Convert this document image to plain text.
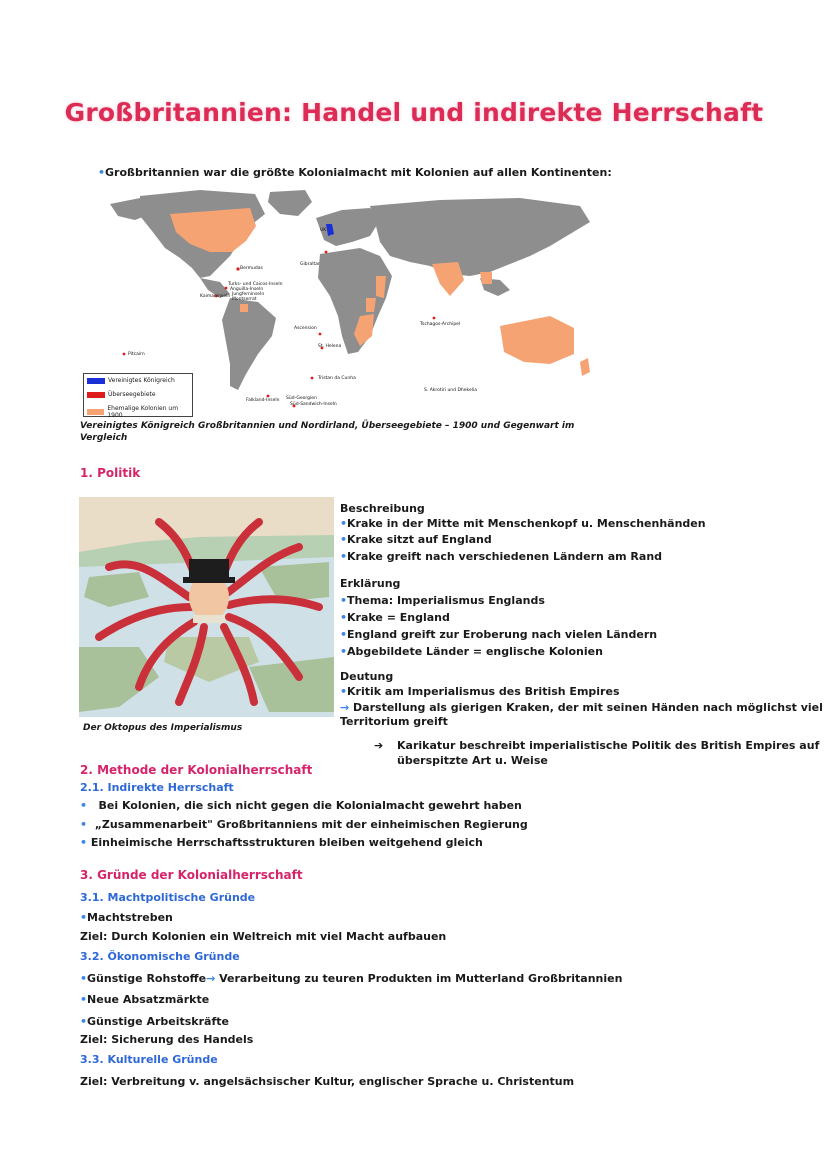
Großbritannien: Handel und indirekte Herrschaft
•Großbritannien war die größte Kolonialmacht mit Kolonien auf allen Kontinenten:
UK
Bermudas
Gibraltar
Turks- und Caicos-Inseln
Anguilla-Inseln
Jungferninseln
Montserrat
Kaimaninseln
Pitcairn
Ascension
St. Helena
Tristan da Cunha
Falkland-Inseln Süd-Georgien
Süd-Sandwich-Inseln
Tschagos-Archipel
S. Akrotiri und Dhekelia
Vereinigtes Königreich
Überseegebiete
Ehemalige Kolonien um 1900
Vereinigtes Königreich Großbritannien und Nordirland, Überseegebiete – 1900 und Gegenwart im
Vergleich
1. Politik
Der Oktopus des Imperialismus
Beschreibung
•Krake in der Mitte mit Menschenkopf u. Menschenhänden
•Krake sitzt auf England
•Krake greift nach verschiedenen Ländern am Rand
Erklärung
•Thema: Imperialismus Englands
•Krake = England
•England greift zur Eroberung nach vielen Ländern
•Abgebildete Länder = englische Kolonien
Deutung
•Kritik am Imperialismus des British Empires
→ Darstellung als gierigen Kraken, der mit seinen Händen nach möglichst viel
Territorium greift
➔ Karikatur beschreibt imperialistische Politik des British Empires auf
überspitzte Art u. Weise
2. Methode der Kolonialherrschaft
2.1. Indirekte Herrschaft
• Bei Kolonien, die sich nicht gegen die Kolonialmacht gewehrt haben
• „Zusammenarbeit" Großbritanniens mit der einheimischen Regierung
• Einheimische Herrschaftsstrukturen bleiben weitgehend gleich
3. Gründe der Kolonialherrschaft
3.1. Machtpolitische Gründe
•Machtstreben
Ziel: Durch Kolonien ein Weltreich mit viel Macht aufbauen
3.2. Ökonomische Gründe
•Günstige Rohstoffe→ Verarbeitung zu teuren Produkten im Mutterland Großbritannien
•Neue Absatzmärkte
•Günstige Arbeitskräfte
Ziel: Sicherung des Handels
3.3. Kulturelle Gründe
Ziel: Verbreitung v. angelsächsischer Kultur, englischer Sprache u. Christentum
